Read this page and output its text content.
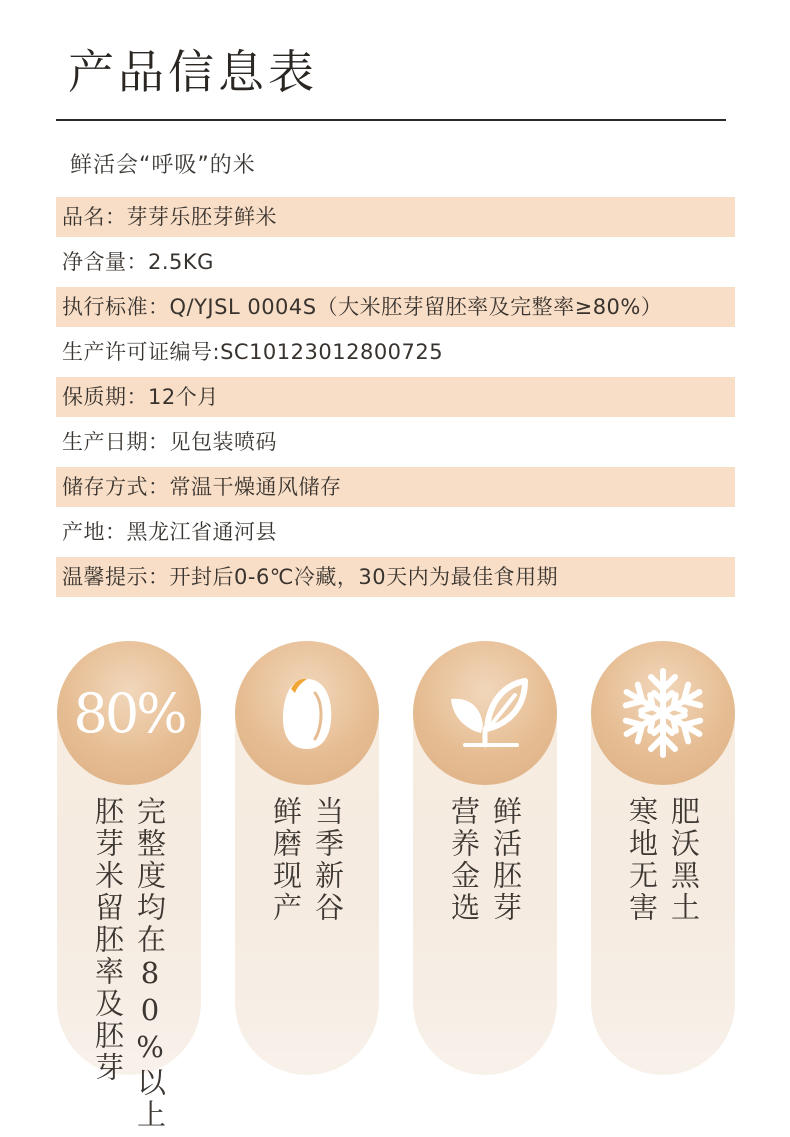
产品信息表
鲜活会“呼吸”的米
品名：芽芽乐胚芽鲜米
净含量：2.5KG
执行标准：Q/YJSL 0004S（大米胚芽留胚率及完整率≥80%）
生产许可证编号:SC10123012800725
保质期：12个月
生产日期：见包装喷码
储存方式：常温干燥通风储存
产地：黑龙江省通河县
温馨提示：开封后0-6℃冷藏，30天内为最佳食用期
80%
完整度均在80%以上
胚芽米留胚率及胚芽	当季新谷
鲜磨现产	鲜活胚芽
营养金选	肥沃黑土
寒地无害
